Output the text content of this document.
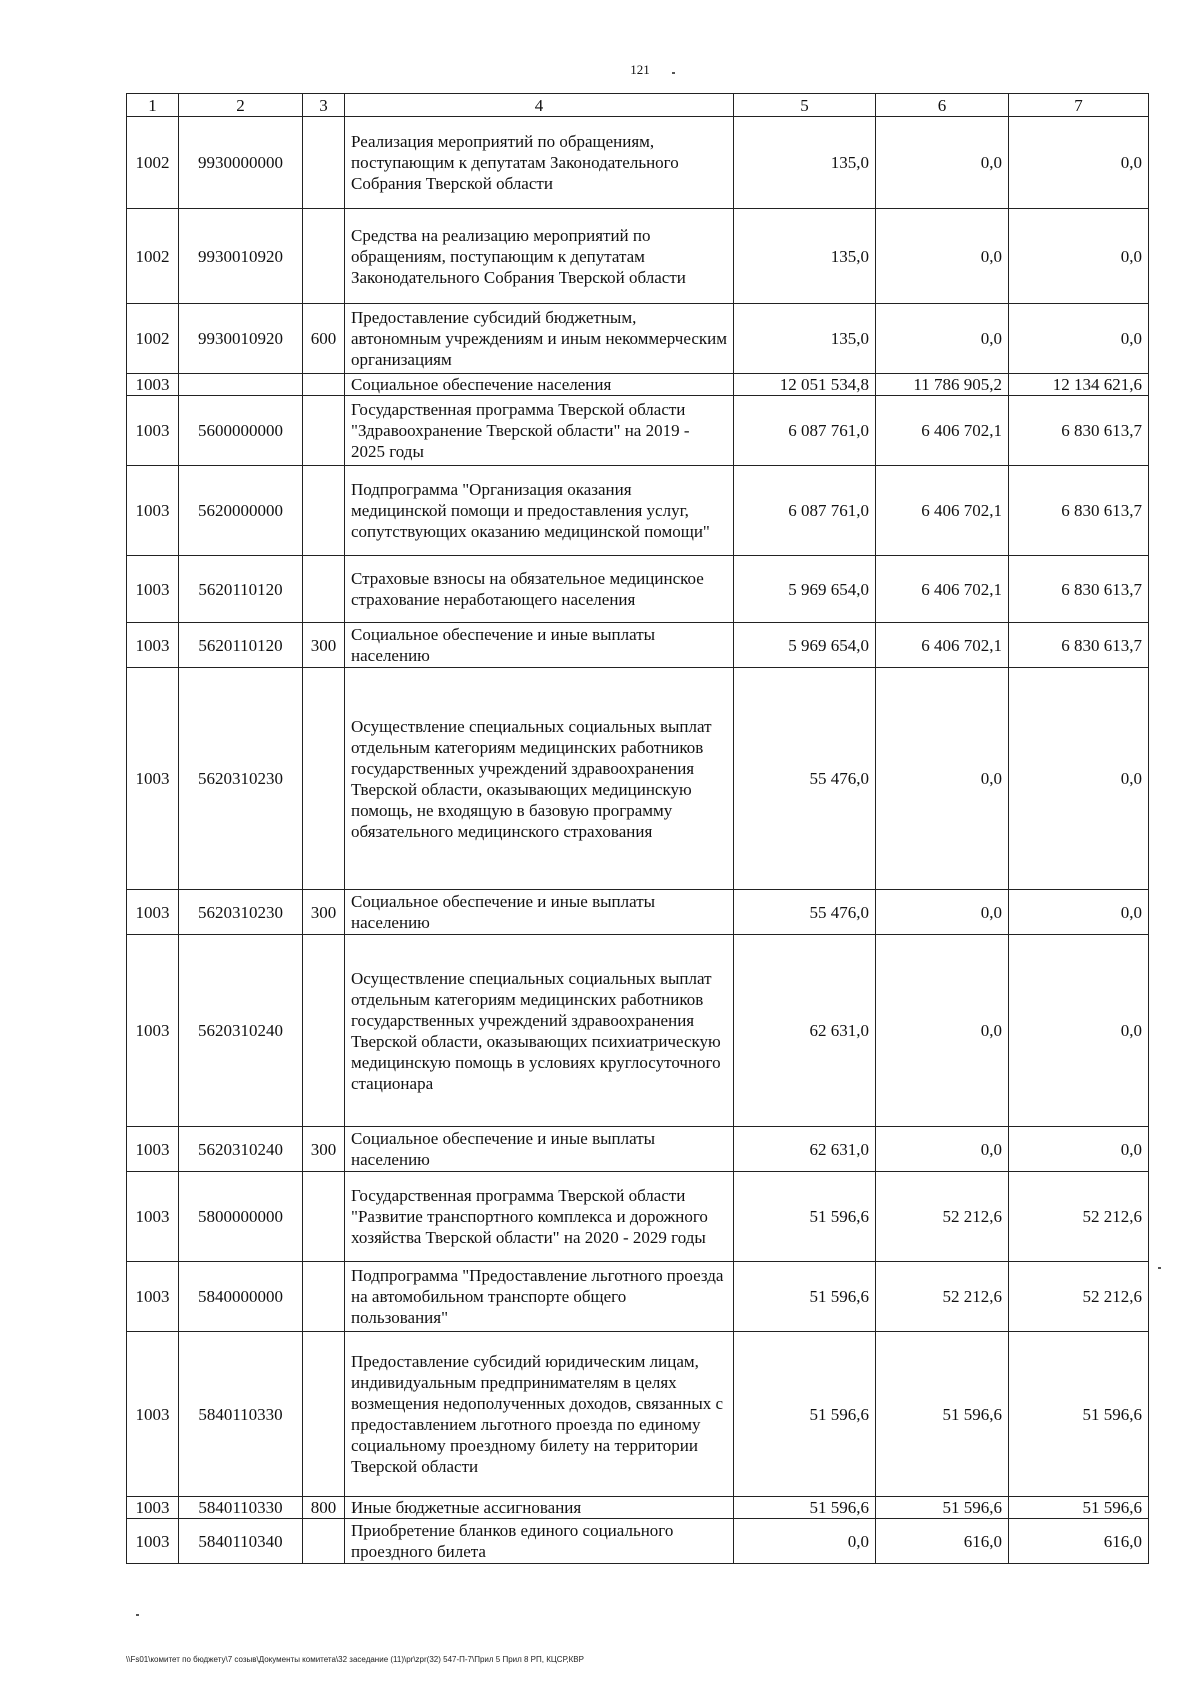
121
1	2	3	4	5	6	7
1002	9930000000		Реализация мероприятий по обращениям, поступающим к депутатам Законодательного Собрания Тверской области	135,0	0,0	0,0
1002	9930010920		Средства на реализацию мероприятий по обращениям, поступающим к депутатам Законодательного Собрания Тверской области	135,0	0,0	0,0
1002	9930010920	600	Предоставление субсидий бюджетным, автономным учреждениям и иным некоммерческим организациям	135,0	0,0	0,0
1003			Социальное обеспечение населения	12 051 534,8	11 786 905,2	12 134 621,6
1003	5600000000		Государственная программа Тверской области "Здравоохранение Тверской области" на 2019 - 2025 годы	6 087 761,0	6 406 702,1	6 830 613,7
1003	5620000000		Подпрограмма "Организация оказания медицинской помощи и предоставления услуг, сопутствующих оказанию медицинской помощи"	6 087 761,0	6 406 702,1	6 830 613,7
1003	5620110120		Страховые взносы на обязательное медицинское страхование неработающего населения	5 969 654,0	6 406 702,1	6 830 613,7
1003	5620110120	300	Социальное обеспечение и иные выплаты населению	5 969 654,0	6 406 702,1	6 830 613,7
1003	5620310230		Осуществление специальных социальных выплат отдельным категориям медицинских работников государственных учреждений здравоохранения Тверской области, оказывающих медицинскую помощь, не входящую в базовую программу обязательного медицинского страхования	55 476,0	0,0	0,0
1003	5620310230	300	Социальное обеспечение и иные выплаты населению	55 476,0	0,0	0,0
1003	5620310240		Осуществление специальных социальных выплат отдельным категориям медицинских работников государственных учреждений здравоохранения Тверской области, оказывающих психиатрическую медицинскую помощь в условиях круглосуточного стационара	62 631,0	0,0	0,0
1003	5620310240	300	Социальное обеспечение и иные выплаты населению	62 631,0	0,0	0,0
1003	5800000000		Государственная программа Тверской области "Развитие транспортного комплекса и дорожного хозяйства Тверской области" на 2020 - 2029 годы	51 596,6	52 212,6	52 212,6
1003	5840000000		Подпрограмма "Предоставление льготного проезда на автомобильном транспорте общего пользования"	51 596,6	52 212,6	52 212,6
1003	5840110330		Предоставление субсидий юридическим лицам, индивидуальным предпринимателям в целях возмещения недополученных доходов, связанных с предоставлением льготного проезда по единому социальному проездному билету на территории Тверской области	51 596,6	51 596,6	51 596,6
1003	5840110330	800	Иные бюджетные ассигнования	51 596,6	51 596,6	51 596,6
1003	5840110340		Приобретение бланков единого социального проездного билета	0,0	616,0	616,0
\\Fs01\комитет по бюджету\7 созыв\Документы комитета\32 заседание (11)\pr\zpr(32) 547-П-7\Прил 5 Прил 8 РП, КЦСР,КВР
